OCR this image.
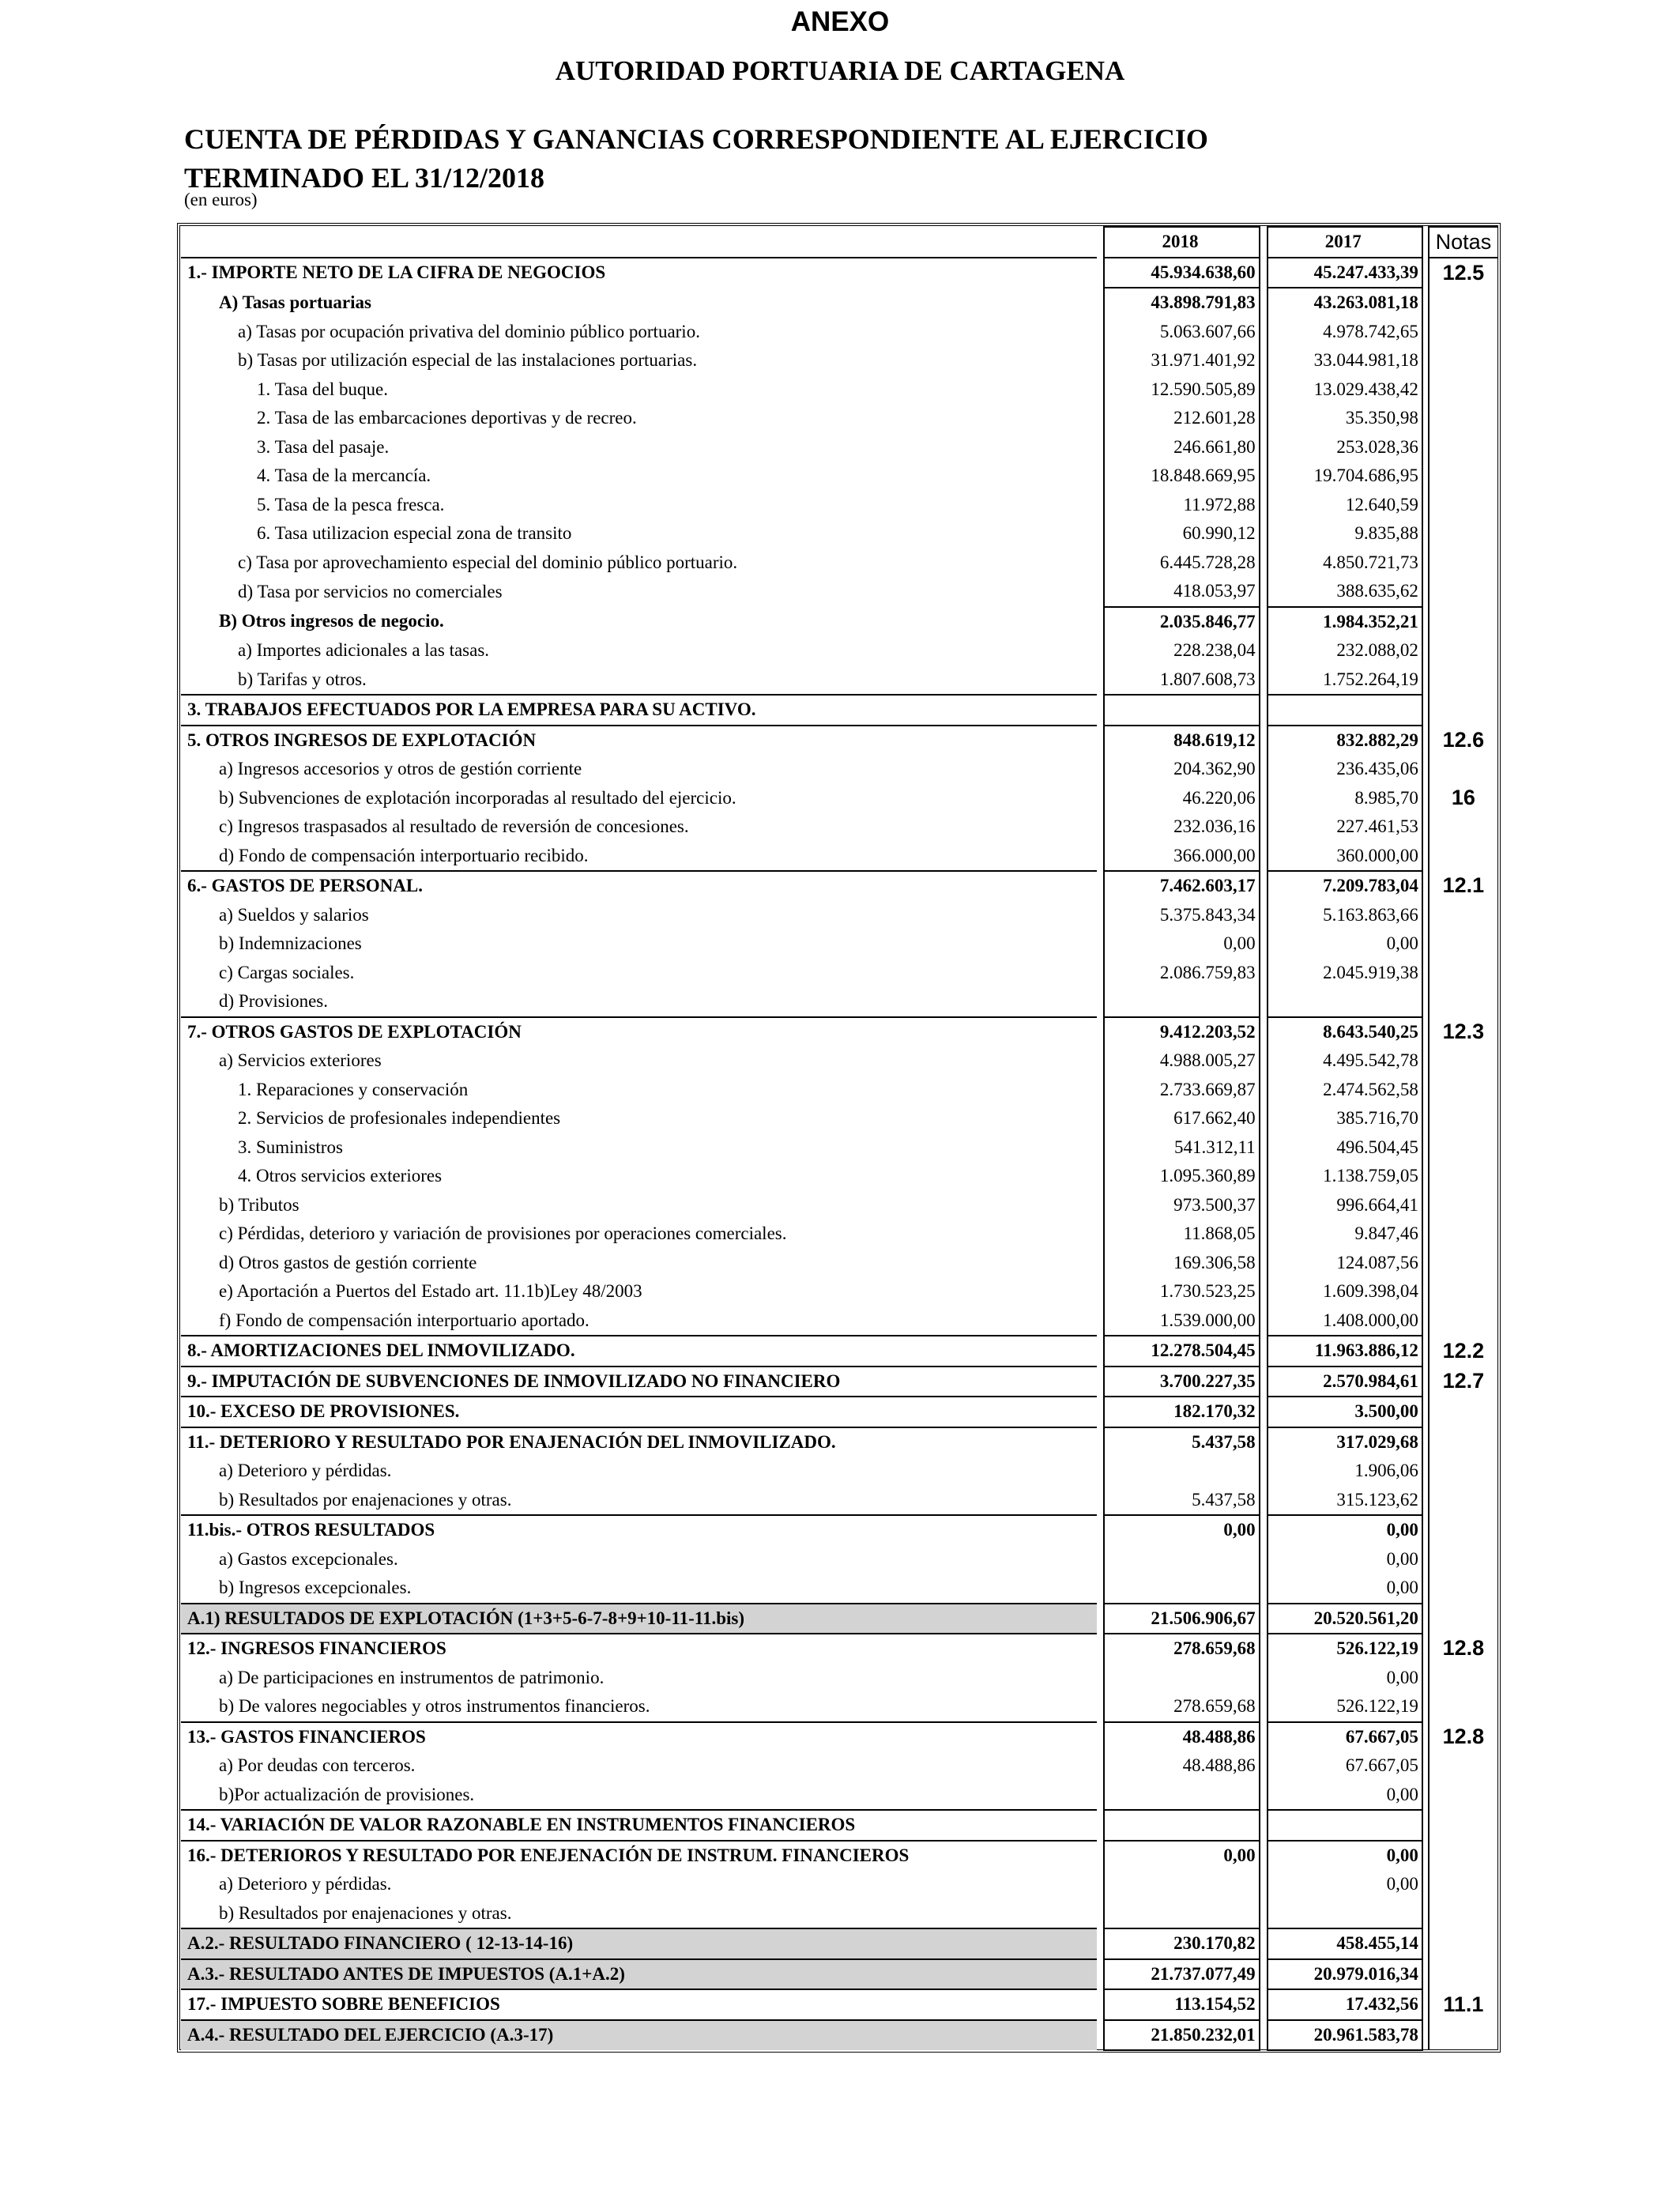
ANEXO
AUTORIDAD PORTUARIA DE CARTAGENA
CUENTA DE PÉRDIDAS Y GANANCIAS CORRESPONDIENTE AL EJERCICIO
TERMINADO EL 31/12/2018
(en euros)
		2018		2017		Notas
1.- IMPORTE NETO DE LA CIFRA DE NEGOCIOS		45.934.638,60		45.247.433,39		12.5
A) Tasas portuarias		43.898.791,83		43.263.081,18		
a) Tasas por ocupación privativa del dominio público portuario.		5.063.607,66		4.978.742,65		
b) Tasas por utilización especial de las instalaciones portuarias.		31.971.401,92		33.044.981,18		
1. Tasa del buque.		12.590.505,89		13.029.438,42		
2. Tasa de las embarcaciones deportivas y de recreo.		212.601,28		35.350,98		
3. Tasa del pasaje.		246.661,80		253.028,36		
4. Tasa de la mercancía.		18.848.669,95		19.704.686,95		
5. Tasa de la pesca fresca.		11.972,88		12.640,59		
6. Tasa utilizacion especial zona de transito		60.990,12		9.835,88		
c) Tasa por aprovechamiento especial del dominio público portuario.		6.445.728,28		4.850.721,73		
d) Tasa por servicios no comerciales		418.053,97		388.635,62		
B) Otros ingresos de negocio.		2.035.846,77		1.984.352,21		
a) Importes adicionales a las tasas.		228.238,04		232.088,02		
b) Tarifas y otros.		1.807.608,73		1.752.264,19		
3. TRABAJOS EFECTUADOS POR LA EMPRESA PARA SU ACTIVO.						
5. OTROS INGRESOS DE EXPLOTACIÓN		848.619,12		832.882,29		12.6
a) Ingresos accesorios y otros de gestión corriente		204.362,90		236.435,06		
b) Subvenciones de explotación incorporadas al resultado del ejercicio.		46.220,06		8.985,70		16
c) Ingresos traspasados al resultado de reversión de concesiones.		232.036,16		227.461,53		
d) Fondo de compensación interportuario recibido.		366.000,00		360.000,00		
6.- GASTOS DE PERSONAL.		7.462.603,17		7.209.783,04		12.1
a) Sueldos y salarios		5.375.843,34		5.163.863,66		
b) Indemnizaciones		0,00		0,00		
c) Cargas sociales.		2.086.759,83		2.045.919,38		
d) Provisiones.						
7.- OTROS GASTOS DE EXPLOTACIÓN		9.412.203,52		8.643.540,25		12.3
a) Servicios exteriores		4.988.005,27		4.495.542,78		
1. Reparaciones y conservación		2.733.669,87		2.474.562,58		
2. Servicios de profesionales independientes		617.662,40		385.716,70		
3. Suministros		541.312,11		496.504,45		
4. Otros servicios exteriores		1.095.360,89		1.138.759,05		
b) Tributos		973.500,37		996.664,41		
c) Pérdidas, deterioro y variación de provisiones por operaciones comerciales.		11.868,05		9.847,46		
d) Otros gastos de gestión corriente		169.306,58		124.087,56		
e) Aportación a Puertos del Estado art. 11.1b)Ley 48/2003		1.730.523,25		1.609.398,04		
f) Fondo de compensación interportuario aportado.		1.539.000,00		1.408.000,00		
8.- AMORTIZACIONES DEL INMOVILIZADO.		12.278.504,45		11.963.886,12		12.2
9.- IMPUTACIÓN DE SUBVENCIONES DE INMOVILIZADO NO FINANCIERO		3.700.227,35		2.570.984,61		12.7
10.- EXCESO DE PROVISIONES.		182.170,32		3.500,00		
11.- DETERIORO Y RESULTADO POR ENAJENACIÓN DEL INMOVILIZADO.		5.437,58		317.029,68		
a) Deterioro y pérdidas.				1.906,06		
b) Resultados por enajenaciones y otras.		5.437,58		315.123,62		
11.bis.- OTROS RESULTADOS		0,00		0,00		
a) Gastos excepcionales.				0,00		
b) Ingresos excepcionales.				0,00		
A.1) RESULTADOS DE EXPLOTACIÓN (1+3+5-6-7-8+9+10-11-11.bis)		21.506.906,67		20.520.561,20		
12.- INGRESOS FINANCIEROS		278.659,68		526.122,19		12.8
a) De participaciones en instrumentos de patrimonio.				0,00		
b) De valores negociables y otros instrumentos financieros.		278.659,68		526.122,19		
13.- GASTOS FINANCIEROS		48.488,86		67.667,05		12.8
a) Por deudas con terceros.		48.488,86		67.667,05		
b)Por actualización de provisiones.				0,00		
14.- VARIACIÓN DE VALOR RAZONABLE EN INSTRUMENTOS FINANCIEROS						
16.- DETERIOROS Y RESULTADO POR ENEJENACIÓN DE INSTRUM. FINANCIEROS		0,00		0,00		
a) Deterioro y pérdidas.				0,00		
b) Resultados por enajenaciones y otras.						
A.2.- RESULTADO FINANCIERO ( 12-13-14-16)		230.170,82		458.455,14		
A.3.- RESULTADO ANTES DE IMPUESTOS (A.1+A.2)		21.737.077,49		20.979.016,34		
17.- IMPUESTO SOBRE BENEFICIOS		113.154,52		17.432,56		11.1
A.4.- RESULTADO DEL EJERCICIO (A.3-17)		21.850.232,01		20.961.583,78		
